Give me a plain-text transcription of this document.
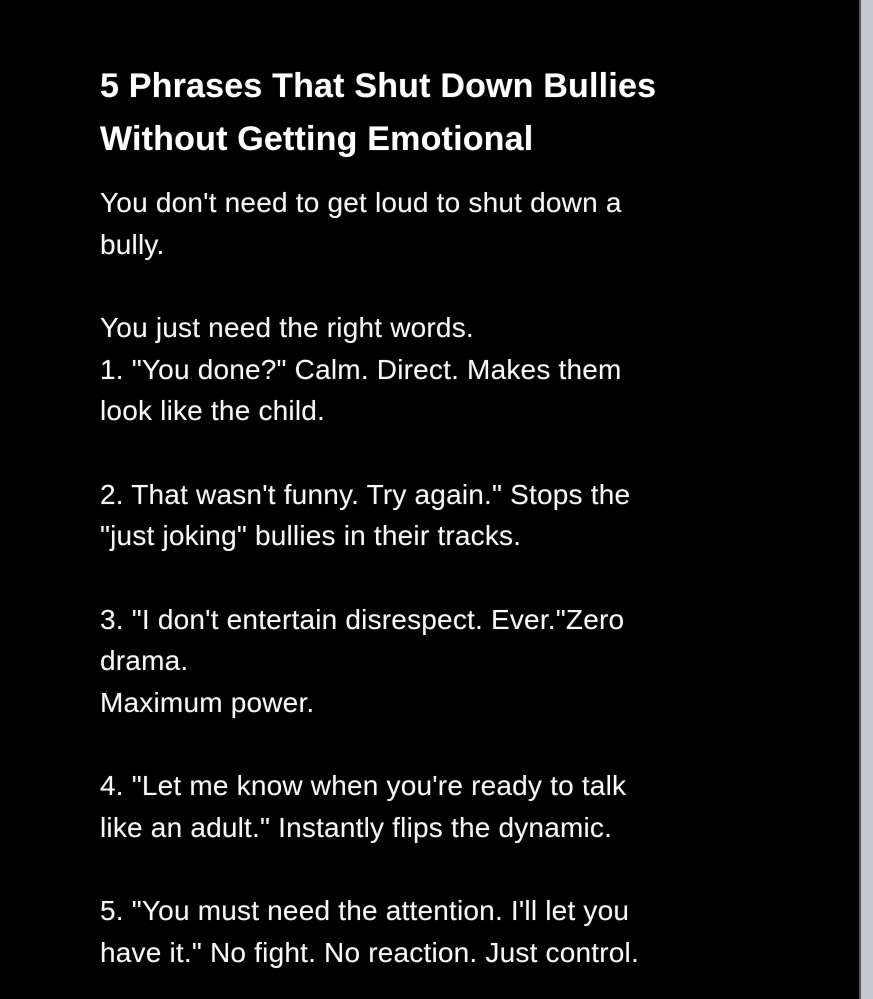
5 Phrases That Shut Down Bullies
Without Getting Emotional

You don't need to get loud to shut down a
bully.

You just need the right words.
1. "You done?" Calm. Direct. Makes them
look like the child.

2. That wasn't funny. Try again." Stops the
"just joking" bullies in their tracks.

3. "I don't entertain disrespect. Ever."Zero
drama.
Maximum power.

4. "Let me know when you're ready to talk
like an adult." Instantly flips the dynamic.

5. "You must need the attention. I'll let you
have it." No fight. No reaction. Just control.
